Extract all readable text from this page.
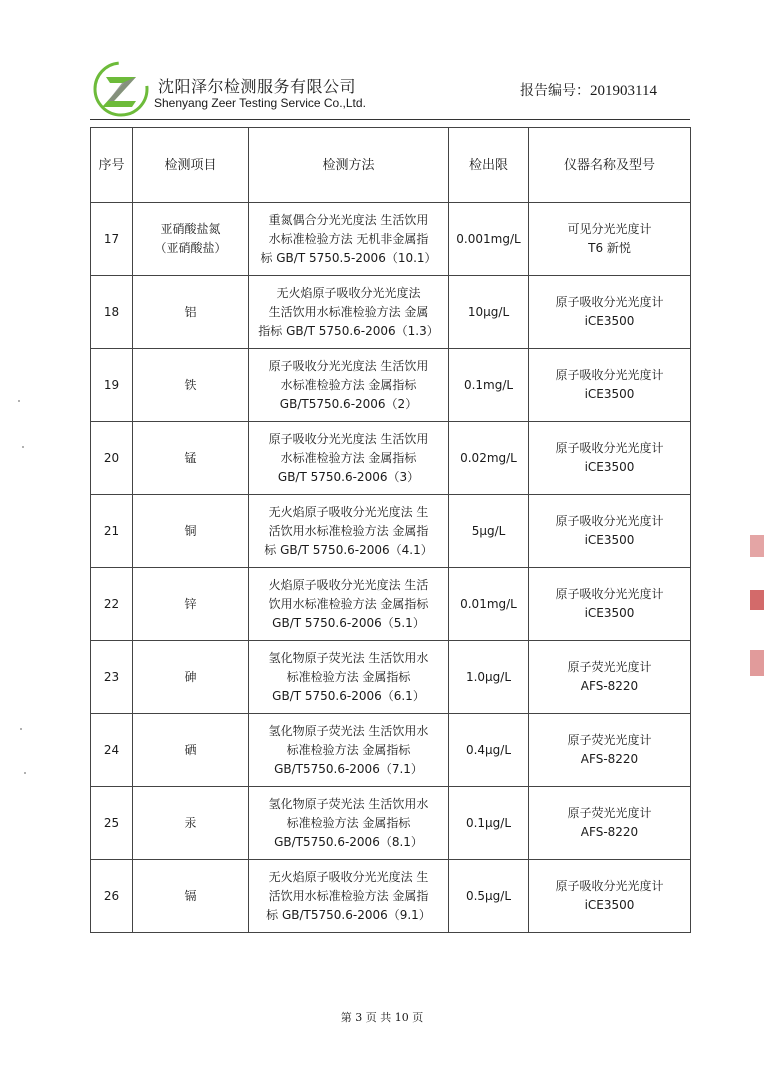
沈阳泽尔检测服务有限公司
Shenyang Zeer Testing Service Co.,Ltd.
报告编号：201903114
序号	检测项目	检测方法	检出限	仪器名称及型号
17	亚硝酸盐氮
（亚硝酸盐）	重氮偶合分光光度法 生活饮用
水标准检验方法 无机非金属指
标 GB/T 5750.5-2006（10.1）	0.001mg/L	可见分光光度计
T6 新悦

18	铝	无火焰原子吸收分光光度法
生活饮用水标准检验方法 金属
指标 GB/T 5750.6-2006（1.3）	10μg/L	原子吸收分光光度计
iCE3500

19	铁	原子吸收分光光度法 生活饮用
水标准检验方法 金属指标
GB/T5750.6-2006（2）	0.1mg/L	原子吸收分光光度计
iCE3500

20	锰	原子吸收分光光度法 生活饮用
水标准检验方法 金属指标
GB/T 5750.6-2006（3）	0.02mg/L	原子吸收分光光度计
iCE3500

21	铜	无火焰原子吸收分光光度法 生
活饮用水标准检验方法 金属指
标 GB/T 5750.6-2006（4.1）	5μg/L	原子吸收分光光度计
iCE3500

22	锌	火焰原子吸收分光光度法 生活
饮用水标准检验方法 金属指标
GB/T 5750.6-2006（5.1）	0.01mg/L	原子吸收分光光度计
iCE3500

23	砷	氢化物原子荧光法 生活饮用水
标准检验方法 金属指标
GB/T 5750.6-2006（6.1）	1.0μg/L	原子荧光光度计
AFS-8220

24	硒	氢化物原子荧光法 生活饮用水
标准检验方法 金属指标
GB/T5750.6-2006（7.1）	0.4μg/L	原子荧光光度计
AFS-8220

25	汞	氢化物原子荧光法 生活饮用水
标准检验方法 金属指标
GB/T5750.6-2006（8.1）	0.1μg/L	原子荧光光度计
AFS-8220

26	镉	无火焰原子吸收分光光度法 生
活饮用水标准检验方法 金属指
标 GB/T5750.6-2006（9.1）	0.5μg/L	原子吸收分光光度计
iCE3500
第 3 页 共 10 页
